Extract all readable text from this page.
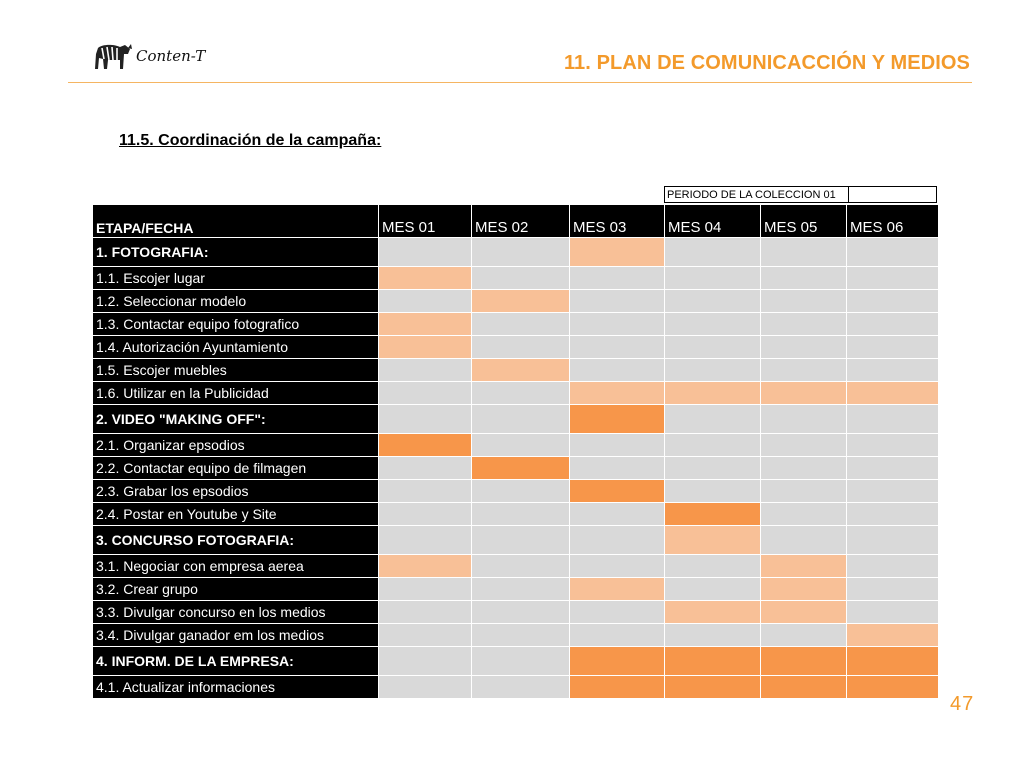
Conten-T	11. PLAN DE COMUNICACCIÓN Y MEDIOS
11.5. Coordinación de la campaña:
PERIODO DE LA COLECCION 01
ETAPA/FECHA	MES 01	MES 02	MES 03	MES 04	MES 05	MES 06
1. FOTOGRAFIA:						
1.1. Escojer lugar						
1.2. Seleccionar modelo						
1.3. Contactar equipo fotografico						
1.4. Autorización Ayuntamiento						
1.5. Escojer muebles						
1.6. Utilizar en la Publicidad						
2. VIDEO "MAKING OFF":						
2.1. Organizar epsodios						
2.2. Contactar equipo de filmagen						
2.3. Grabar los epsodios						
2.4. Postar en Youtube y Site						
3. CONCURSO FOTOGRAFIA:						
3.1. Negociar con empresa aerea						
3.2. Crear grupo						
3.3. Divulgar concurso en los medios						
3.4. Divulgar ganador em los medios						
4. INFORM. DE LA EMPRESA:						
4.1. Actualizar informaciones						
47
